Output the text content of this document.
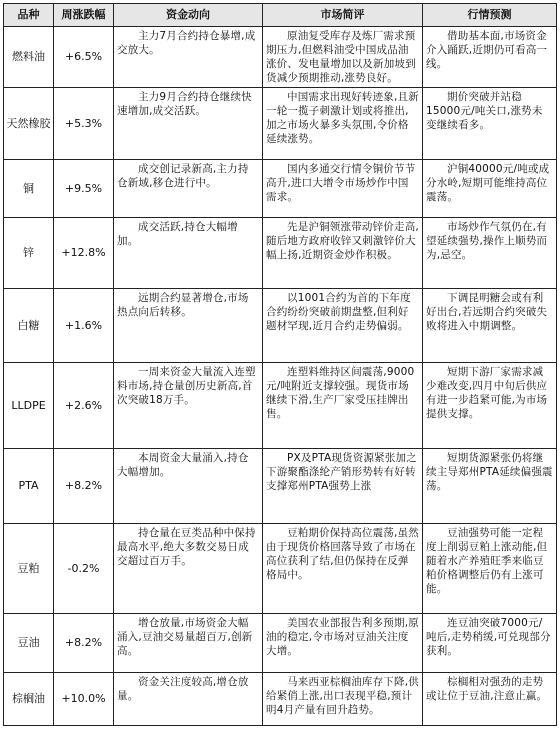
品种	周涨跌幅	资金动向	市场简评	行情预测
燃料油	+6.5%	主力7月合约持仓暴增,成交放大。	原油复受库存及炼厂需求预期压力,但燃料油受中国成品油涨价、发电量增加以及新加坡到货减少预期推动,涨势良好。	借助基本面,市场资金介入踊跃,近期仍可看高一线。
天然橡胶	+5.3%	主力9月合约持仓继续快速增加,成交活跃。	中国需求出现好转迹象,且新一轮一揽子刺激计划或将推出,加之市场火暴多头氛围,令价格延续涨势。	期价突破并站稳15000元/吨关口,涨势未变继续看多。
铜	+9.5%	成交创记录新高,主力持仓新域,移仓进行中。	国内多通交行情令铜价节节高升,进口大增令市场炒作中国需求。	沪铜40000元/吨或成分水岭,短期可能维持高位震荡。
锌	+12.8%	成交活跃,持仓大幅增加。	先是沪铜领涨带动锌价走高,随后地方政府收锌又刺激锌价大幅上扬,近期资金炒作积极。	市场炒作气氛仍在,有望延续强势,操作上顺势而为,忌空。
白糖	+1.6%	远期合约显著增仓,市场热点向后转移。	以1001合约为首的下年度合约纷纷突破前期盘整,但利好题材罕现,近月合约走势偏弱。	下调昆明糖会或有利好出台,若远期合约突破失败将进入中期调整。
LLDPE	+2.6%	一周来资金大量流入连塑料市场,持仓量创历史新高,首次突破18万手。	连塑料维持区间震荡,9000元/吨附近支撑较强。现货市场继续下滑,生产厂家受压挂牌出售。	短期下游厂家需求减少难改变,四月中旬后供应有进一步趋紧可能,为市场提供支撑。
PTA	+8.2%	本周资金大量涌入,持仓大幅增加。	PX及PTA现货资源紧张加之下游聚酯涤纶产销形势转有好转支撑郑州PTA强势上涨	短期货源紧张仍将继续主导郑州PTA延续偏强震荡。
豆粕	-0.2%	持仓量在豆类品种中保持最高水平,绝大多数交易日成交超过百万手。	豆粕期价保持高位震荡,虽然由于现货价格回落导致了市场在高位获利了结,但仍保持在反弹格局中。	豆油强势可能一定程度上削弱豆粕上涨动能,但随着水产养殖旺季来临豆粕价格调整后仍有上涨可能。
豆油	+8.2%	增仓放量,市场资金大幅涌入,豆油交易量超百万,创新高。	美国农业部报告利多预期,原油的稳定,令市场对豆油关注度大增。	连豆油突破7000元/吨后,走势稍缓,可兑现部分获利。
棕榈油	+10.0%	资金关注度较高,增仓放量。	马来西亚棕榈油库存下降,供给紧俏上涨,出口表现平稳,预计明4月产量有回升趋势。	棕榈相对强劲的走势或让位于豆油,注意止赢。
